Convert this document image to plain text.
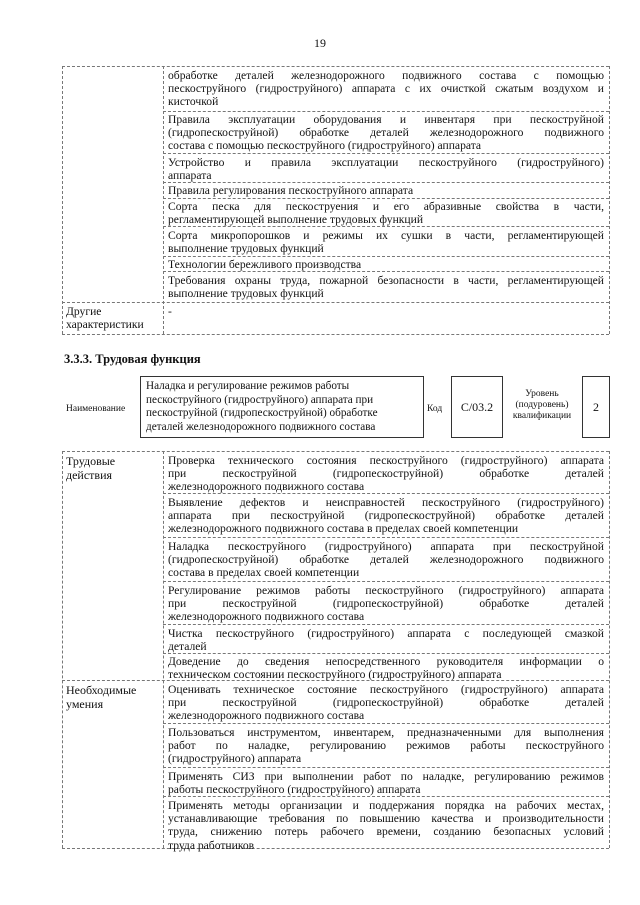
19
обработке деталей железнодорожного подвижного состава с помощью
пескоструйного (гидроструйного) аппарата с их очисткой сжатым воздухом и
кисточкой
Правила эксплуатации оборудования и инвентаря при пескоструйной
(гидропескоструйной) обработке деталей железнодорожного подвижного
состава с помощью пескоструйного (гидроструйного) аппарата
Устройство и правила эксплуатации пескоструйного (гидроструйного)
аппарата
Правила регулирования пескоструйного аппарата
Сорта песка для пескоструения и его абразивные свойства в части,
регламентирующей выполнение трудовых функций
Сорта микропорошков и режимы их сушки в части, регламентирующей
выполнение трудовых функций
Технологии бережливого производства
Требования охраны труда, пожарной безопасности в части, регламентирующей
выполнение трудовых функций
Другие
характеристики
-
3.3.3. Трудовая функция
Наименование
Наладка и регулирование режимов работы
пескоструйного (гидроструйного) аппарата при
пескоструйной (гидропескоструйной) обработке
деталей железнодорожного подвижного состава
Код	C/03.2
Уровень
(подуровень)
квалификации
2
Трудовые
действия
Проверка технического состояния пескоструйного (гидроструйного) аппарата
при пескоструйной (гидропескоструйной) обработке деталей
железнодорожного подвижного состава
Выявление дефектов и неисправностей пескоструйного (гидроструйного)
аппарата при пескоструйной (гидропескоструйной) обработке деталей
железнодорожного подвижного состава в пределах своей компетенции
Наладка пескоструйного (гидроструйного) аппарата при пескоструйной
(гидропескоструйной) обработке деталей железнодорожного подвижного
состава в пределах своей компетенции
Регулирование режимов работы пескоструйного (гидроструйного) аппарата
при пескоструйной (гидропескоструйной) обработке деталей
железнодорожного подвижного состава
Чистка пескоструйного (гидроструйного) аппарата с последующей смазкой
деталей
Доведение до сведения непосредственного руководителя информации о
техническом состоянии пескоструйного (гидроструйного) аппарата
Необходимые
умения
Оценивать техническое состояние пескоструйного (гидроструйного) аппарата
при пескоструйной (гидропескоструйной) обработке деталей
железнодорожного подвижного состава
Пользоваться инструментом, инвентарем, предназначенными для выполнения
работ по наладке, регулированию режимов работы пескоструйного
(гидроструйного) аппарата
Применять СИЗ при выполнении работ по наладке, регулированию режимов
работы пескоструйного (гидроструйного) аппарата
Применять методы организации и поддержания порядка на рабочих местах,
устанавливающие требования по повышению качества и производительности
труда, снижению потерь рабочего времени, созданию безопасных условий
труда работников
